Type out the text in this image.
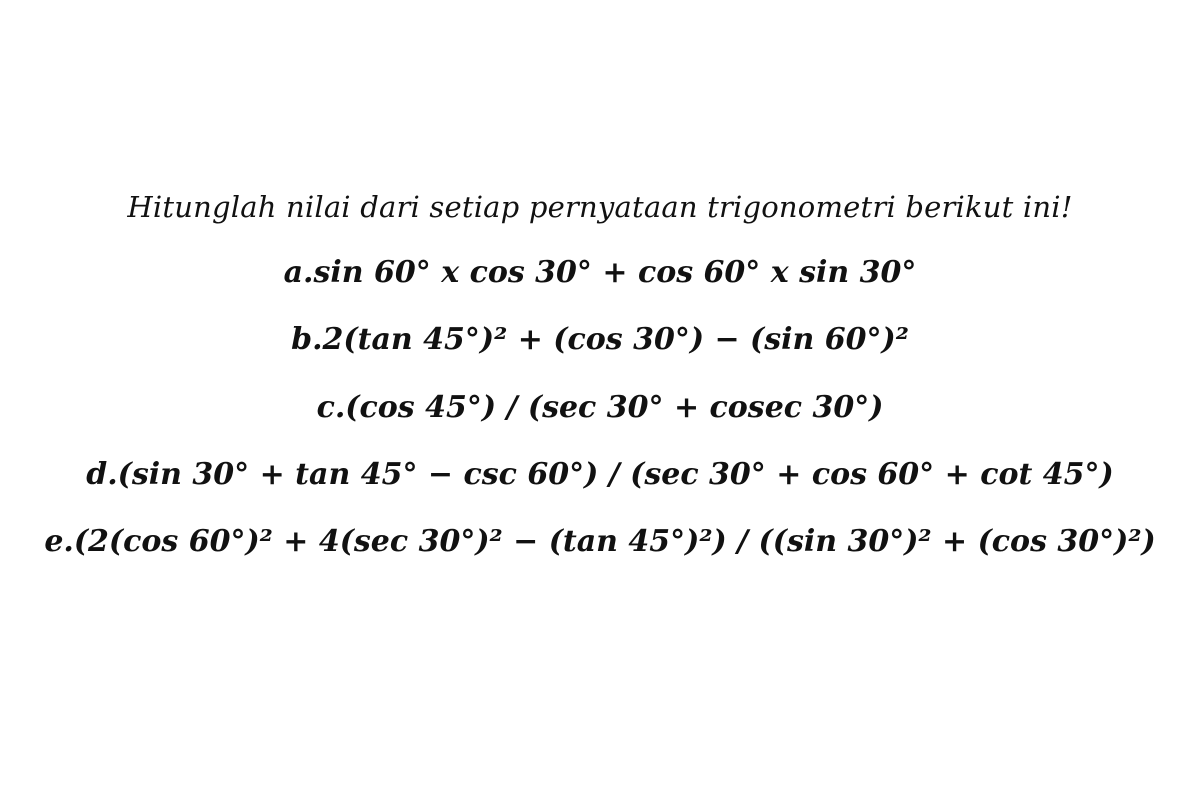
Hitunglah nilai dari setiap pernyataan trigonometri berikut ini!
a.sin 60° x cos 30° + cos 60° x sin 30°
b.2(tan 45°)² + (cos 30°) − (sin 60°)²
c.(cos 45°) / (sec 30° + cosec 30°)
d.(sin 30° + tan 45° − csc 60°) / (sec 30° + cos 60° + cot 45°)
e.(2(cos 60°)² + 4(sec 30°)² − (tan 45°)²) / ((sin 30°)² + (cos 30°)²)
